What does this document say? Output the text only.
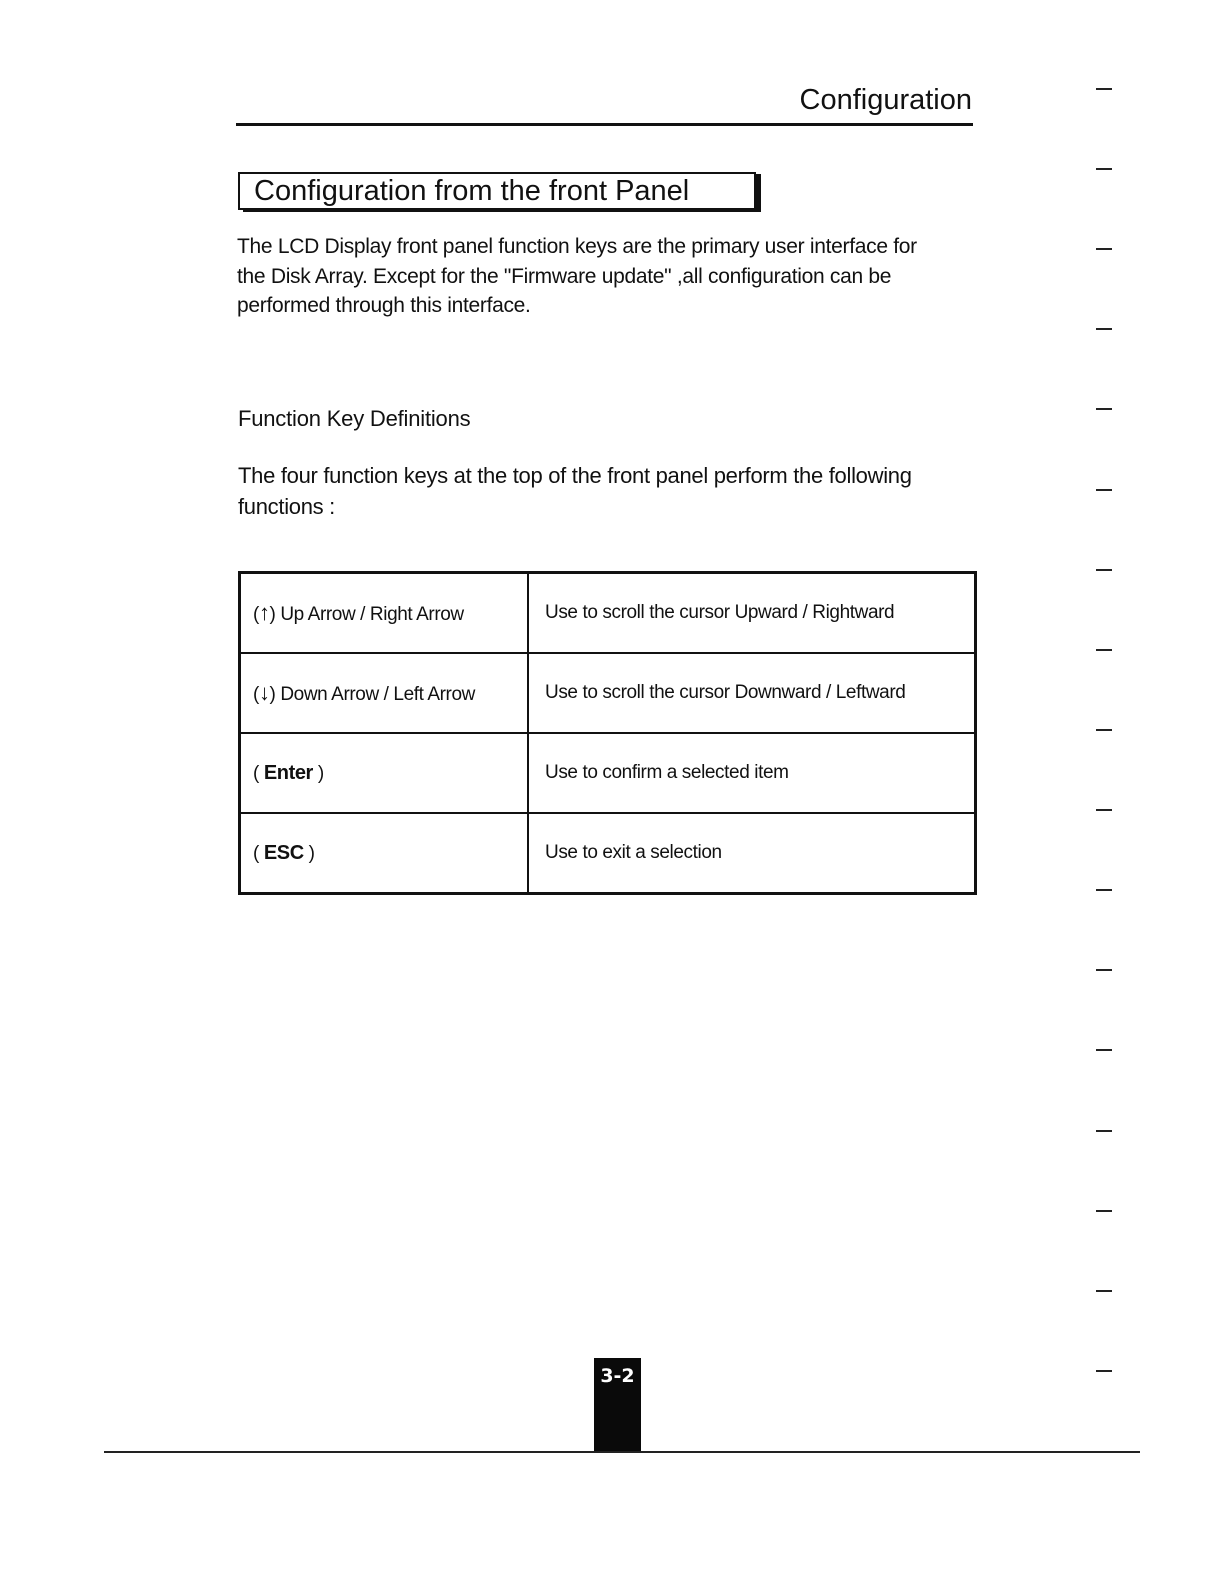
Configuration
Configuration from the front Panel
The LCD Display front panel function keys are the primary user interface for the Disk Array. Except for the "Firmware update" ,all configuration can be performed through this interface.
Function Key Definitions
The four function keys at the top of the front panel perform the following functions :
(↑) Up Arrow / Right Arrow	Use to scroll the cursor Upward / Rightward
(↓) Down Arrow / Left Arrow	Use to scroll the cursor Downward / Leftward
( Enter )	Use to confirm a selected item
( ESC )	Use to exit a selection
3-2
